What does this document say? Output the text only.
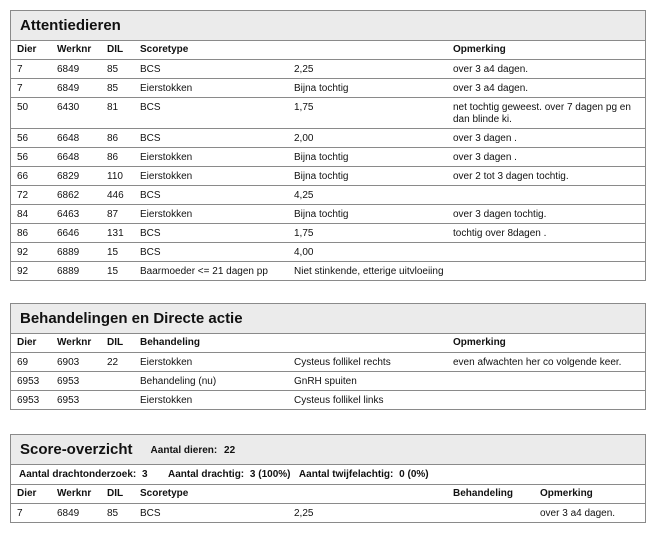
Attentiedieren
Dier	Werknr	DIL	Scoretype		Opmerking
7	6849	85	BCS	2,25	over 3 a4 dagen.
7	6849	85	Eierstokken	Bijna tochtig	over 3 a4 dagen.
50	6430	81	BCS	1,75	net tochtig geweest. over 7 dagen pg en dan blinde ki.
56	6648	86	BCS	2,00	over 3 dagen .
56	6648	86	Eierstokken	Bijna tochtig	over 3 dagen .
66	6829	110	Eierstokken	Bijna tochtig	over 2 tot 3 dagen tochtig.
72	6862	446	BCS	4,25	
84	6463	87	Eierstokken	Bijna tochtig	over 3 dagen tochtig.
86	6646	131	BCS	1,75	tochtig over 8dagen .
92	6889	15	BCS	4,00	
92	6889	15	Baarmoeder <= 21 dagen pp	Niet stinkende, etterige uitvloeiing	
Behandelingen en Directe actie
Dier	Werknr	DIL	Behandeling		Opmerking
69	6903	22	Eierstokken	Cysteus follikel rechts	even afwachten her co volgende keer.
6953	6953		Behandeling (nu)	GnRH spuiten	
6953	6953		Eierstokken	Cysteus follikel links	
Score-overzicht Aantal dieren: 22
Aantal drachtonderzoek: 3 Aantal drachtig: 3 (100%) Aantal twijfelachtig: 0 (0%)
Dier	Werknr	DIL	Scoretype		Behandeling	Opmerking
7	6849	85	BCS	2,25		over 3 a4 dagen.
